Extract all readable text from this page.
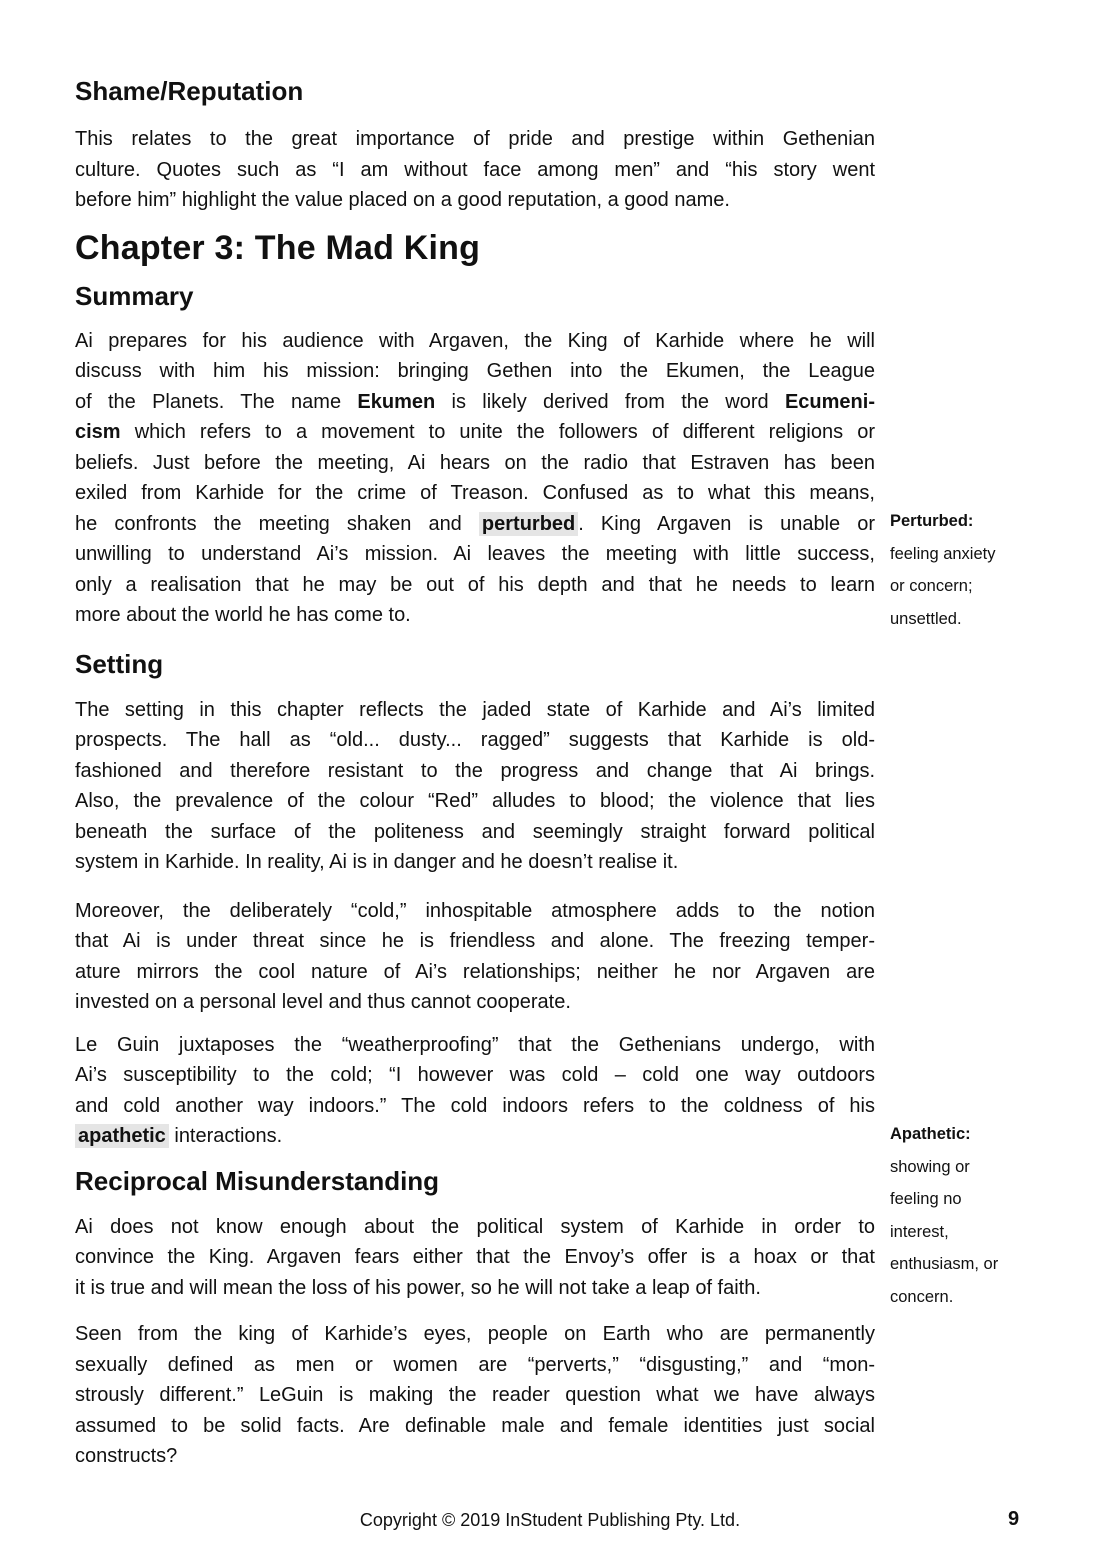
Shame/Reputation
This relates to the great importance of pride and prestige within Gethenian
culture. Quotes such as “I am without face among men” and “his story went
before him” highlight the value placed on a good reputation, a good name.
Chapter 3: The Mad King
Summary
Ai prepares for his audience with Argaven, the King of Karhide where he will
discuss with him his mission: bringing Gethen into the Ekumen, the League
of the Planets. The name Ekumen is likely derived from the word Ecumeni-
cism which refers to a movement to unite the followers of different religions or
beliefs. Just before the meeting, Ai hears on the radio that Estraven has been
exiled from Karhide for the crime of Treason. Confused as to what this means,
he confronts the meeting shaken and perturbed . King Argaven is unable or
unwilling to understand Ai’s mission. Ai leaves the meeting with little success,
only a realisation that he may be out of his depth and that he needs to learn
more about the world he has come to.
Setting
The setting in this chapter reflects the jaded state of Karhide and Ai’s limited
prospects. The hall as “old... dusty... ragged” suggests that Karhide is old-
fashioned and therefore resistant to the progress and change that Ai brings.
Also, the prevalence of the colour “Red” alludes to blood; the violence that lies
beneath the surface of the politeness and seemingly straight forward political
system in Karhide. In reality, Ai is in danger and he doesn’t realise it.
Moreover, the deliberately “cold,” inhospitable atmosphere adds to the notion
that Ai is under threat since he is friendless and alone. The freezing temper-
ature mirrors the cool nature of Ai’s relationships; neither he nor Argaven are
invested on a personal level and thus cannot cooperate.
Le Guin juxtaposes the “weatherproofing” that the Gethenians undergo, with
Ai’s susceptibility to the cold; “I however was cold – cold one way outdoors
and cold another way indoors.” The cold indoors refers to the coldness of his
apathetic interactions.
Reciprocal Misunderstanding
Ai does not know enough about the political system of Karhide in order to
convince the King. Argaven fears either that the Envoy’s offer is a hoax or that
it is true and will mean the loss of his power, so he will not take a leap of faith.
Seen from the king of Karhide’s eyes, people on Earth who are permanently
sexually defined as men or women are “perverts,” “disgusting,” and “mon-
strously different.” LeGuin is making the reader question what we have always
assumed to be solid facts. Are definable male and female identities just social
constructs?
Perturbed:
feeling anxiety
or concern;
unsettled.
Apathetic:
showing or
feeling no
interest,
enthusiasm, or
concern.
Copyright © 2019 InStudent Publishing Pty. Ltd.	9
